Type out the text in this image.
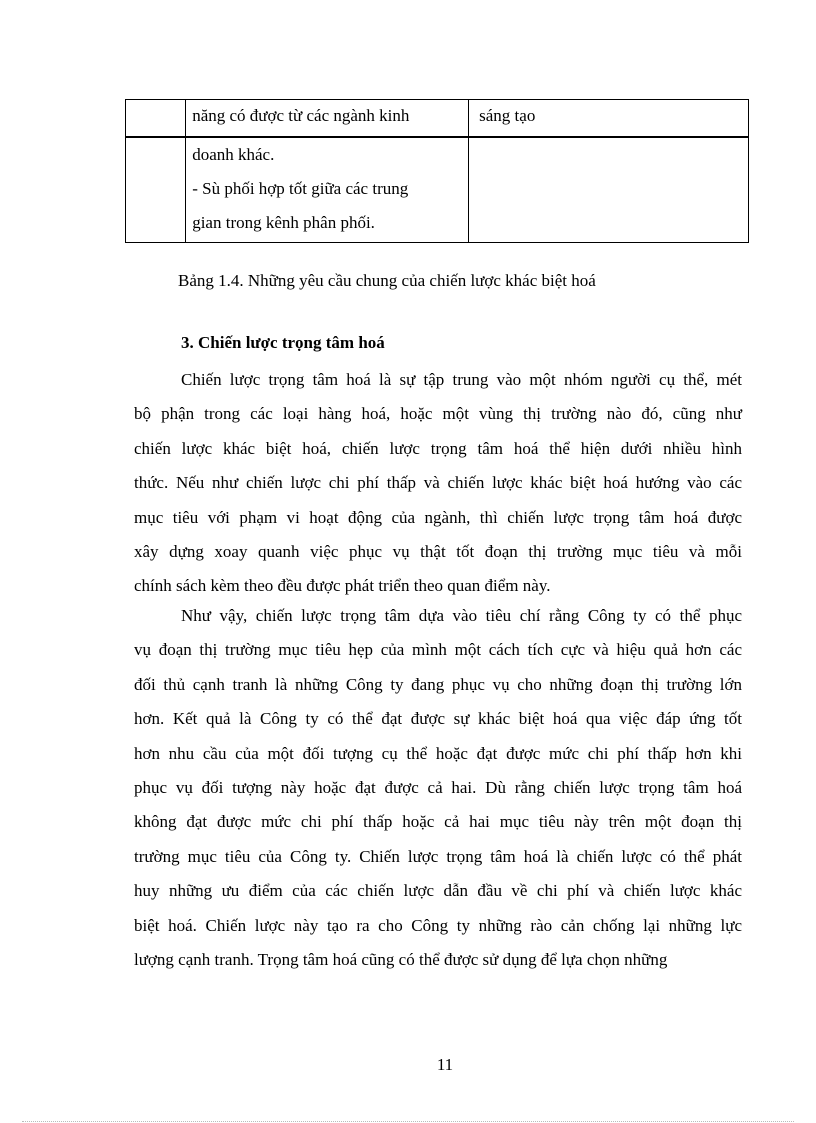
	năng có được từ các ngành kinh	sáng tạo

	doanh khác.
- Sù phối hợp tốt giữa các trung
gian trong kênh phân phối.	

Bảng 1.4. Những yêu cầu chung của chiến lược khác biệt hoá
3. Chiến lược trọng tâm hoá
Chiến lược trọng tâm hoá là sự tập trung vào một nhóm người cụ thể, mét
bộ phận trong các loại hàng hoá, hoặc một vùng thị trường nào đó, cũng như
chiến lược khác biệt hoá, chiến lược trọng tâm hoá thể hiện dưới nhiều hình
thức. Nếu như chiến lược chi phí thấp và chiến lược khác biệt hoá hướng vào các
mục tiêu với phạm vi hoạt động của ngành, thì chiến lược trọng tâm hoá được
xây dựng xoay quanh việc phục vụ thật tốt đoạn thị trường mục tiêu và mỗi
chính sách kèm theo đều được phát triển theo quan điểm này.
Như vậy, chiến lược trọng tâm dựa vào tiêu chí rằng Công ty có thể phục
vụ đoạn thị trường mục tiêu hẹp của mình một cách tích cực và hiệu quả hơn các
đối thủ cạnh tranh là những Công ty đang phục vụ cho những đoạn thị trường lớn
hơn. Kết quả là Công ty có thể đạt được sự khác biệt hoá qua việc đáp ứng tốt
hơn nhu cầu của một đối tượng cụ thể hoặc đạt được mức chi phí thấp hơn khi
phục vụ đối tượng này hoặc đạt được cả hai. Dù rằng chiến lược trọng tâm hoá
không đạt được mức chi phí thấp hoặc cả hai mục tiêu này trên một đoạn thị
trường mục tiêu của Công ty. Chiến lược trọng tâm hoá là chiến lược có thể phát
huy những ưu điểm của các chiến lược dẫn đầu về chi phí và chiến lược khác
biệt hoá. Chiến lược này tạo ra cho Công ty những rào cản chống lại những lực
lượng cạnh tranh. Trọng tâm hoá cũng có thể được sử dụng để lựa chọn những
11
